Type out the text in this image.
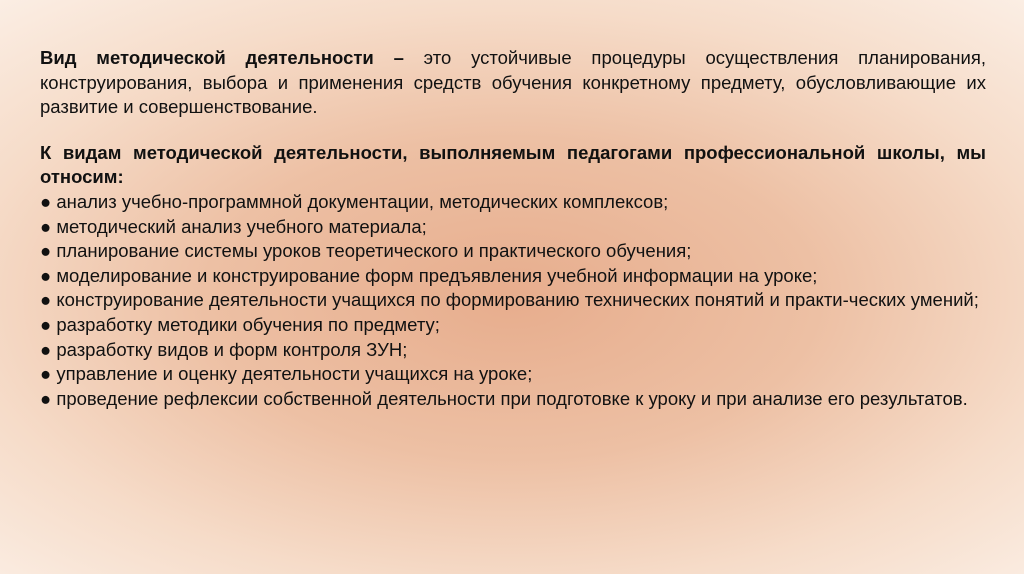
Вид методической деятельности – это устойчивые процедуры осуществления планирования, конструирования, выбора и применения средств обучения конкретному предмету, обусловливающие их развитие и совершенствование.

К видам методической деятельности, выполняемым педагогами профессиональной школы, мы относим:

● анализ учебно-программной документации, методических комплексов;
● методический анализ учебного материала;
● планирование системы уроков теоретического и практического обучения;
● моделирование и конструирование форм предъявления учебной информации на уроке;
● конструирование деятельности учащихся по формированию технических понятий и практи-ческих умений;
● разработку методики обучения по предмету;
● разработку видов и форм контроля ЗУН;
● управление и оценку деятельности учащихся на уроке;
● проведение рефлексии собственной деятельности при подготовке к уроку и при анализе его результатов.
